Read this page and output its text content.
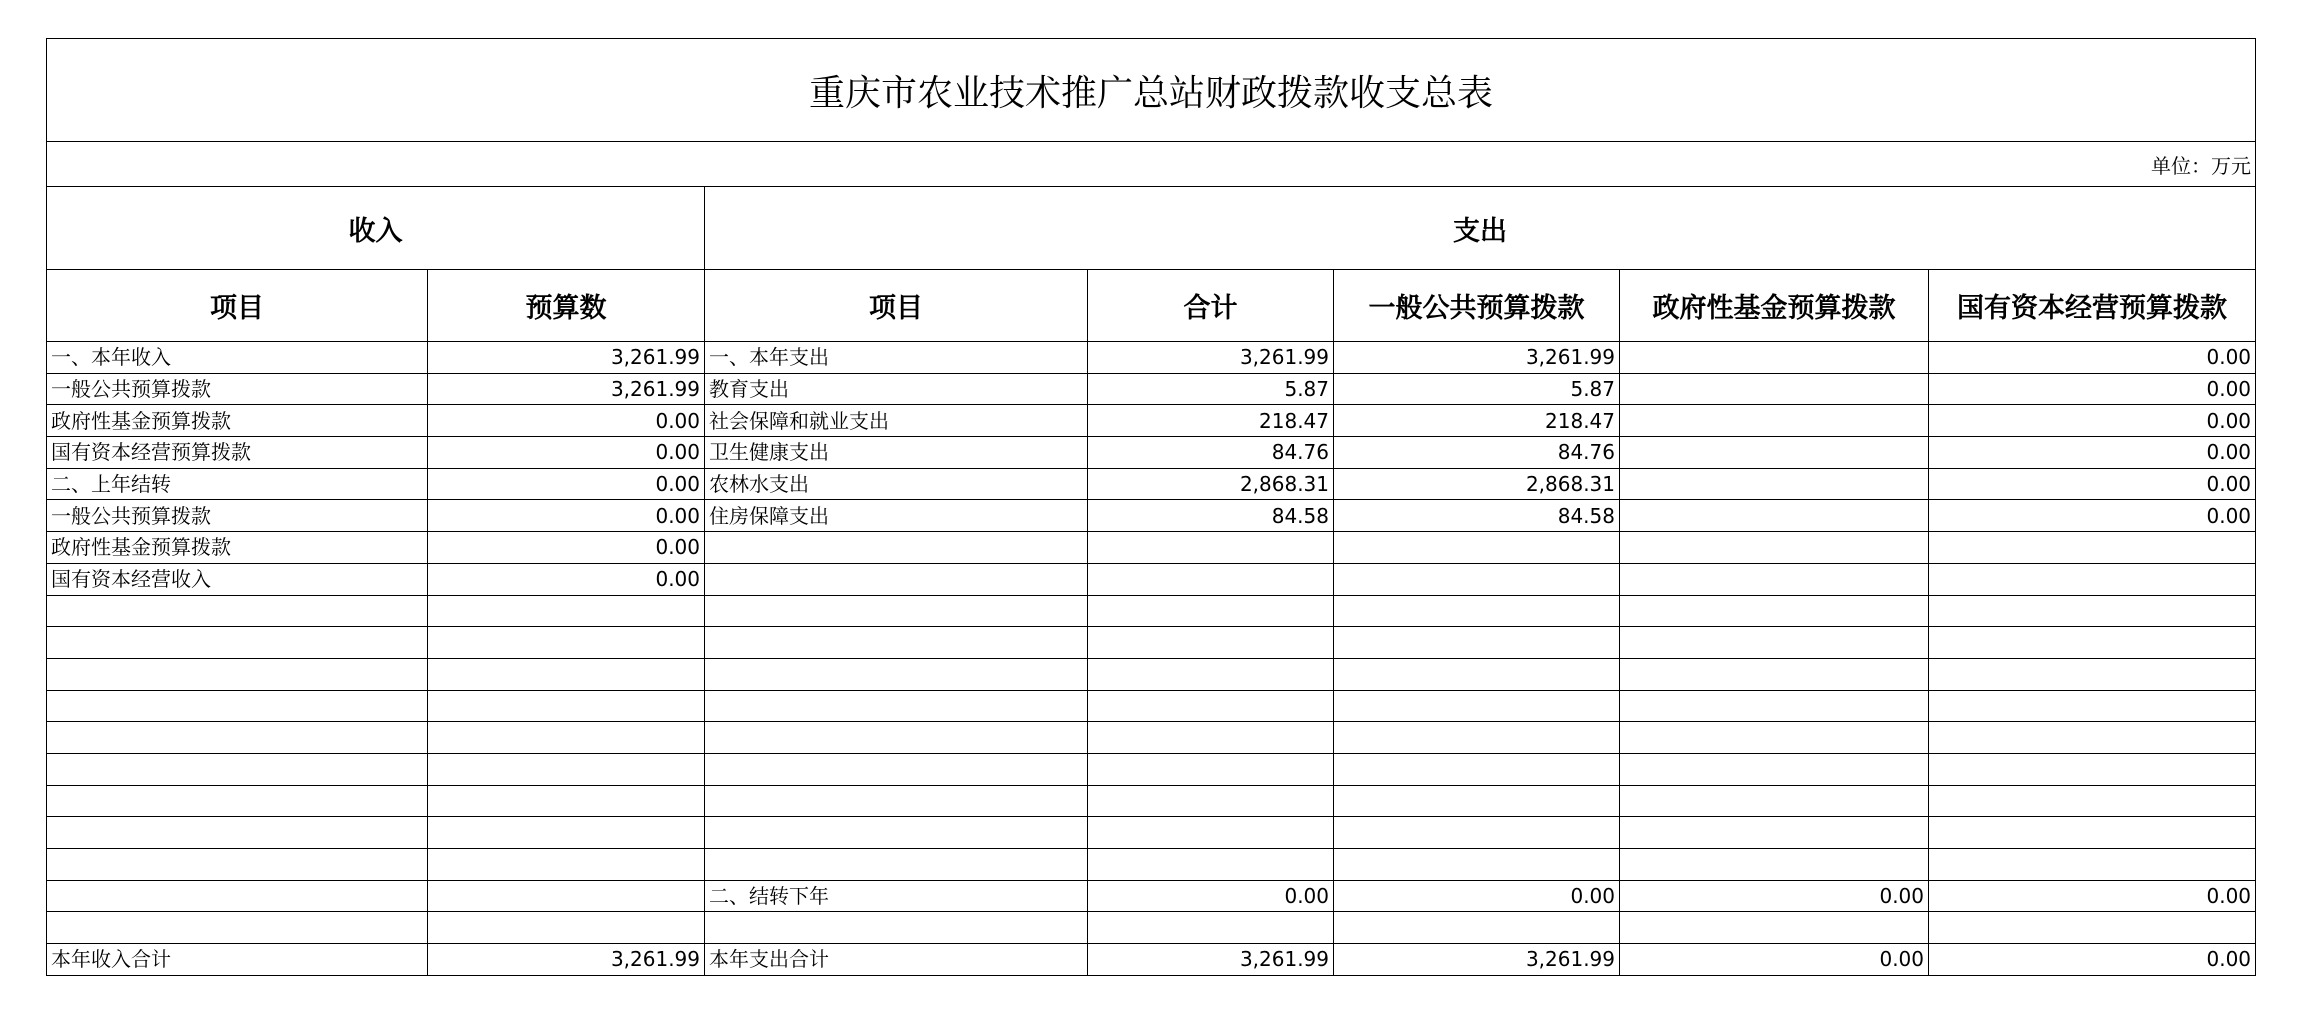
重庆市农业技术推广总站财政拨款收支总表						
单位：万元						
收入		支出				
项目	预算数	项目	合计	一般公共预算拨款	政府性基金预算拨款	国有资本经营预算拨款
一、本年收入	3,261.99	一、本年支出	3,261.99	3,261.99		0.00
一般公共预算拨款	3,261.99	教育支出	5.87	5.87		0.00
政府性基金预算拨款	0.00	社会保障和就业支出	218.47	218.47		0.00
国有资本经营预算拨款	0.00	卫生健康支出	84.76	84.76		0.00
二、上年结转	0.00	农林水支出	2,868.31	2,868.31		0.00
一般公共预算拨款	0.00	住房保障支出	84.58	84.58		0.00
政府性基金预算拨款	0.00					
国有资本经营收入	0.00					

		二、结转下年	0.00	0.00	0.00	0.00

本年收入合计	3,261.99	本年支出合计	3,261.99	3,261.99	0.00	0.00
